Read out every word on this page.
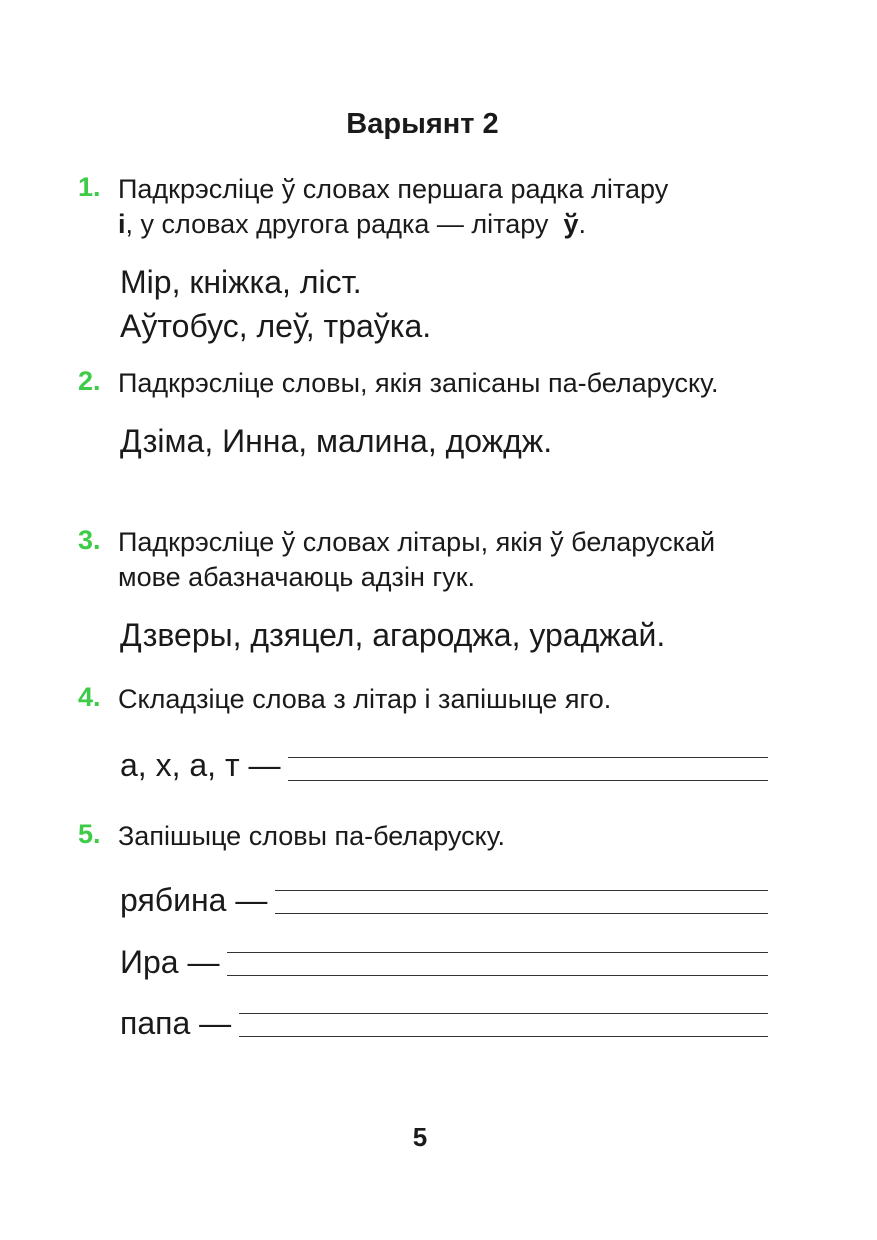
Варыянт 2
1. Падкрэсліце ў словах першага радка літару
і, у словах другога радка — літару ў.
Мір, кніжка, ліст.
Аўтобус, леў, траўка.
2. Падкрэсліце словы, якія запісаны па-беларуску.
Дзіма, Инна, малина, дождж.
3. Падкрэсліце ў словах літары, якія ў беларускай мове абазначаюць адзін гук.
Дзверы, дзяцел, агароджа, ураджай.
4. Складзіце слова з літар і запішыце яго.
а, х, а, т —
5. Запішыце словы па-беларуску.
рябина —
Ира —
папа —
5
